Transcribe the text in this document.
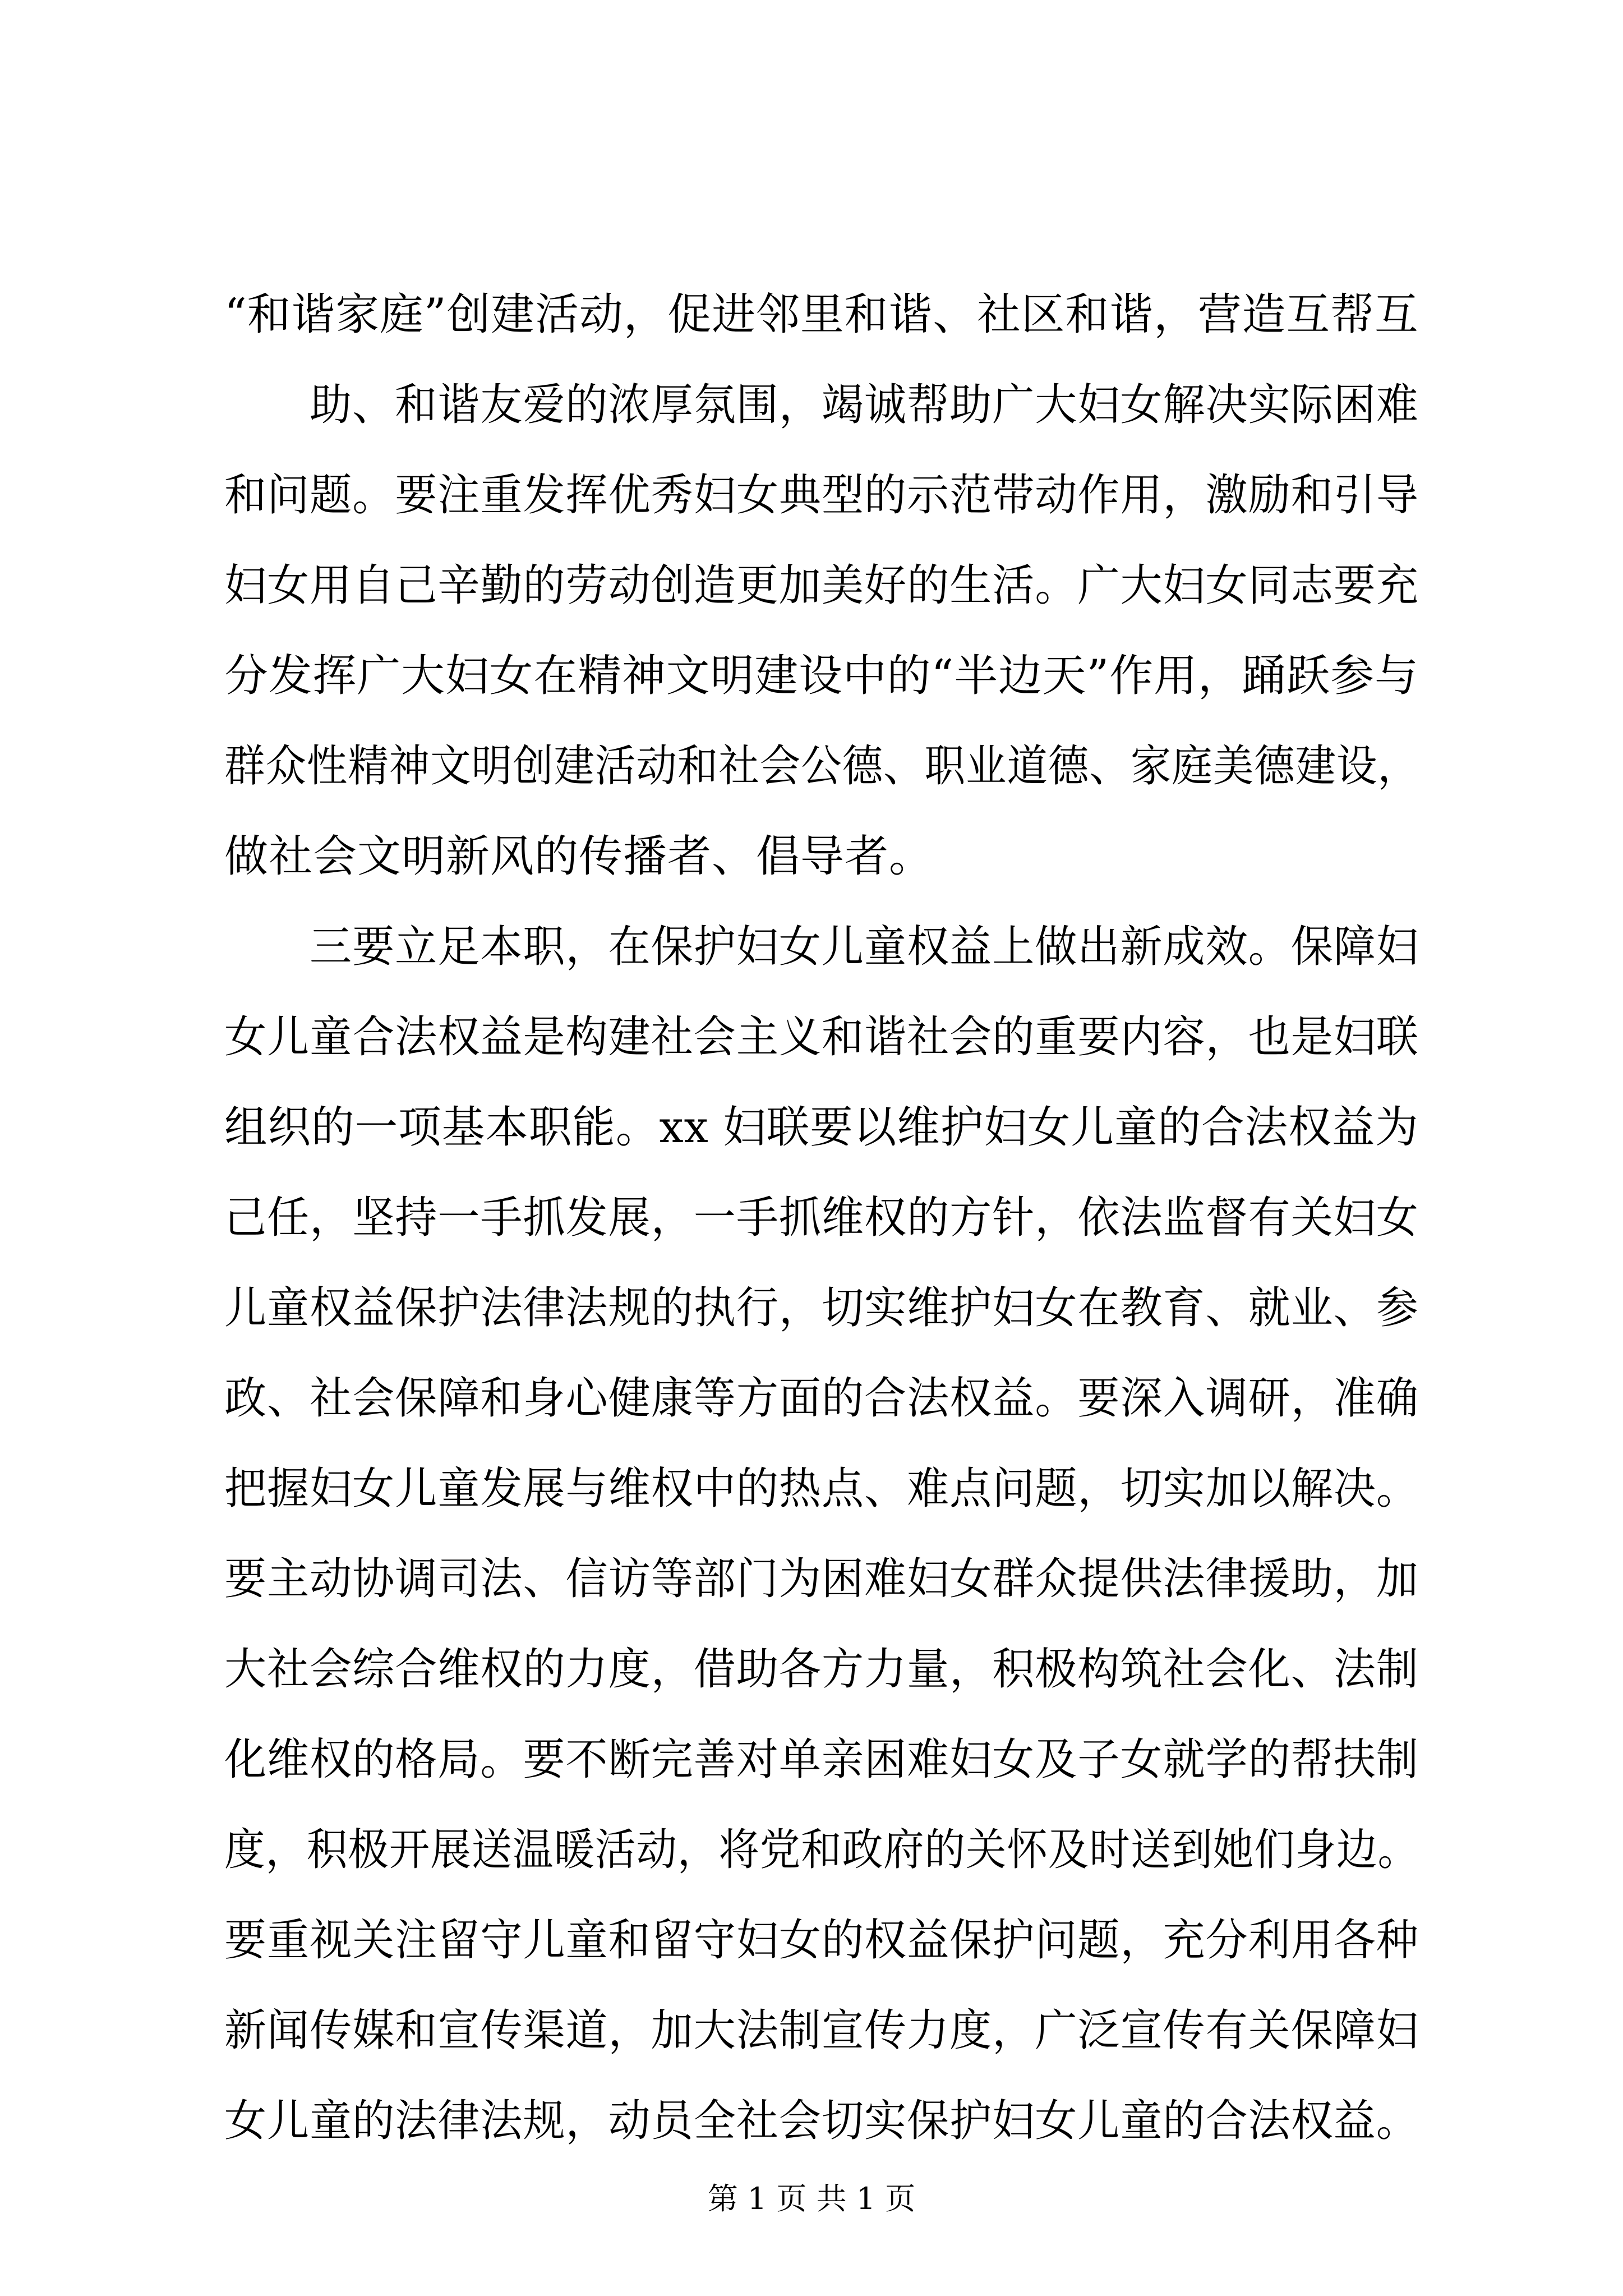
“和谐家庭”创建活动，促进邻里和谐、社区和谐，营造互帮互
助、和谐友爱的浓厚氛围，竭诚帮助广大妇女解决实际困难
和问题。要注重发挥优秀妇女典型的示范带动作用，激励和引导
妇女用自己辛勤的劳动创造更加美好的生活。广大妇女同志要充
分发挥广大妇女在精神文明建设中的“半边天”作用，踊跃参与
群众性精神文明创建活动和社会公德、职业道德、家庭美德建设，
做社会文明新风的传播者、倡导者。
三要立足本职，在保护妇女儿童权益上做出新成效。保障妇
女儿童合法权益是构建社会主义和谐社会的重要内容，也是妇联
组织的一项基本职能。xx 妇联要以维护妇女儿童的合法权益为
己任，坚持一手抓发展，一手抓维权的方针，依法监督有关妇女
儿童权益保护法律法规的执行，切实维护妇女在教育、就业、参
政、社会保障和身心健康等方面的合法权益。要深入调研，准确
把握妇女儿童发展与维权中的热点、难点问题，切实加以解决。
要主动协调司法、信访等部门为困难妇女群众提供法律援助，加
大社会综合维权的力度，借助各方力量，积极构筑社会化、法制
化维权的格局。要不断完善对单亲困难妇女及子女就学的帮扶制
度，积极开展送温暖活动，将党和政府的关怀及时送到她们身边。
要重视关注留守儿童和留守妇女的权益保护问题，充分利用各种
新闻传媒和宣传渠道，加大法制宣传力度，广泛宣传有关保障妇
女儿童的法律法规，动员全社会切实保护妇女儿童的合法权益。
第 1 页 共 1 页
